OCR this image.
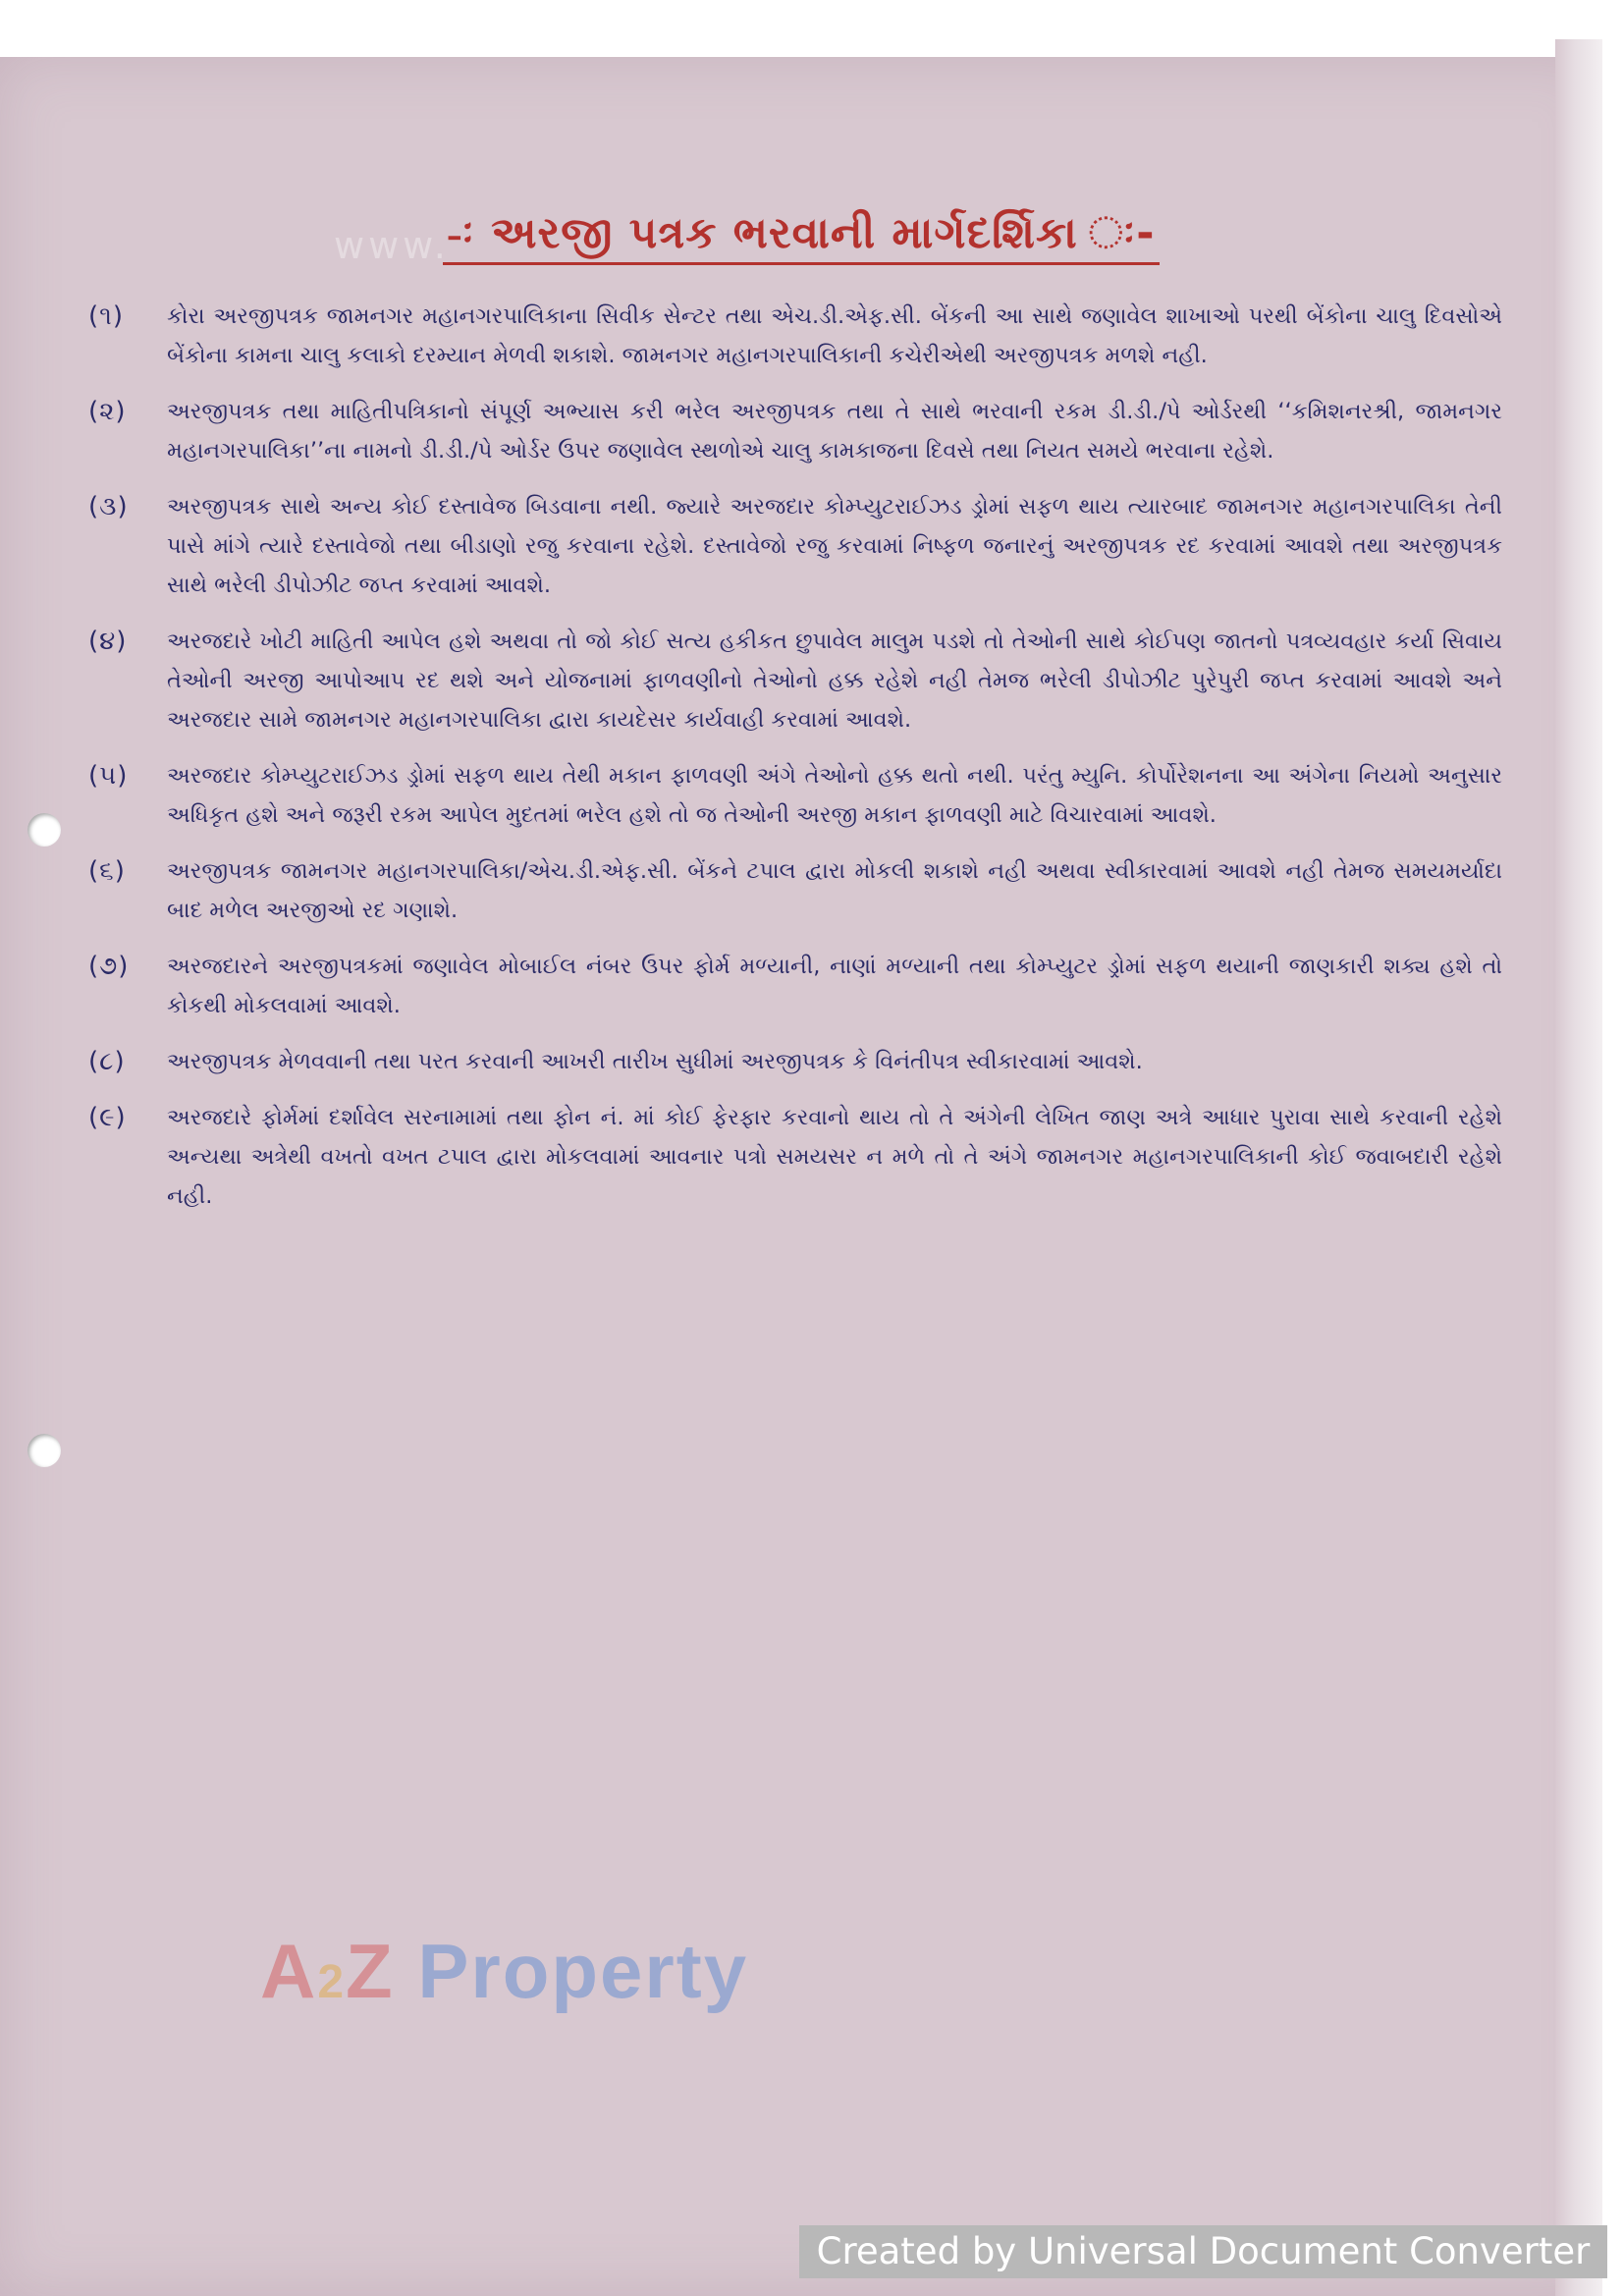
www.
-ઃ અરજી પત્રક ભરવાની માર્ગદર્શિકા ઃ-
(૧)	કોરા અરજીપત્રક જામનગર મહાનગરપાલિકાના સિવીક સેન્ટર તથા એચ.ડી.એફ.સી. બેંકની આ સાથે જણાવેલ શાખાઓ પરથી બેંકોના ચાલુ દિવસોએ બેંકોના કામના ચાલુ કલાકો દરમ્યાન મેળવી શકાશે. જામનગર મહાનગરપાલિકાની કચેરીએથી અરજીપત્રક મળશે નહી.
(૨)	અરજીપત્રક તથા માહિતીપત્રિકાનો સંપૂર્ણ અભ્યાસ કરી ભરેલ અરજીપત્રક તથા તે સાથે ભરવાની રકમ ડી.ડી./પે ઓર્ડરથી ‘‘કમિશનરશ્રી, જામનગર મહાનગરપાલિકા’’ના નામનો ડી.ડી./પે ઓર્ડર ઉપર જણાવેલ સ્થળોએ ચાલુ કામકાજના દિવસે તથા નિયત સમયે ભરવાના રહેશે.
(૩)	અરજીપત્રક સાથે અન્ય કોઈ દસ્તાવેજ બિડવાના નથી. જ્યારે અરજદાર કોમ્પ્યુટરાઈઝડ ડ્રોમાં સફળ થાય ત્યારબાદ જામનગર મહાનગરપાલિકા તેની પાસે માંગે ત્યારે દસ્તાવેજો તથા બીડાણો રજુ કરવાના રહેશે. દસ્તાવેજો રજુ કરવામાં નિષ્ફળ જનારનું અરજીપત્રક રદ કરવામાં આવશે તથા અરજીપત્રક સાથે ભરેલી ડીપોઝીટ જપ્ત કરવામાં આવશે.
(૪)	અરજદારે ખોટી માહિતી આપેલ હશે અથવા તો જો કોઈ સત્ય હકીકત છુપાવેલ માલુમ પડશે તો તેઓની સાથે કોઈપણ જાતનો પત્રવ્યવહાર કર્યા સિવાય તેઓની અરજી આપોઆપ રદ થશે અને યોજનામાં ફાળવણીનો તેઓનો હક્ક રહેશે નહી તેમજ ભરેલી ડીપોઝીટ પુરેપુરી જપ્ત કરવામાં આવશે અને અરજદાર સામે જામનગર મહાનગરપાલિકા દ્વારા કાયદેસર કાર્યવાહી કરવામાં આવશે.
(૫)	અરજદાર કોમ્પ્યુટરાઈઝડ ડ્રોમાં સફળ થાય તેથી મકાન ફાળવણી અંગે તેઓનો હક્ક થતો નથી. પરંતુ મ્યુનિ. કોર્પોરેશનના આ અંગેના નિયમો અનુસાર અધિકૃત હશે અને જરૂરી રકમ આપેલ મુદતમાં ભરેલ હશે તો જ તેઓની અરજી મકાન ફાળવણી માટે વિચારવામાં આવશે.
(૬)	અરજીપત્રક જામનગર મહાનગરપાલિકા/એચ.ડી.એફ.સી. બેંકને ટપાલ દ્વારા મોકલી શકાશે નહી અથવા સ્વીકારવામાં આવશે નહી તેમજ સમયમર્યાદા બાદ મળેલ અરજીઓ રદ ગણાશે.
(૭)	અરજદારને અરજીપત્રકમાં જણાવેલ મોબાઈલ નંબર ઉપર ફોર્મ મળ્યાની, નાણાં મળ્યાની તથા કોમ્પ્યુટર ડ્રોમાં સફળ થયાની જાણકારી શક્ય હશે તો કોકથી મોકલવામાં આવશે.
(૮)	અરજીપત્રક મેળવવાની તથા પરત કરવાની આખરી તારીખ સુધીમાં અરજીપત્રક કે વિનંતીપત્ર સ્વીકારવામાં આવશે.
(૯)	અરજદારે ફોર્મમાં દર્શાવેલ સરનામામાં તથા ફોન નં. માં કોઈ ફેરફાર કરવાનો થાય તો તે અંગેની લેખિત જાણ અત્રે આધાર પુરાવા સાથે કરવાની રહેશે અન્યથા અત્રેથી વખતો વખત ટપાલ દ્વારા મોકલવામાં આવનાર પત્રો સમયસર ન મળે તો તે અંગે જામનગર મહાનગરપાલિકાની કોઈ જવાબદારી રહેશે નહી.
A2Z Property
Created by Universal Document Converter
